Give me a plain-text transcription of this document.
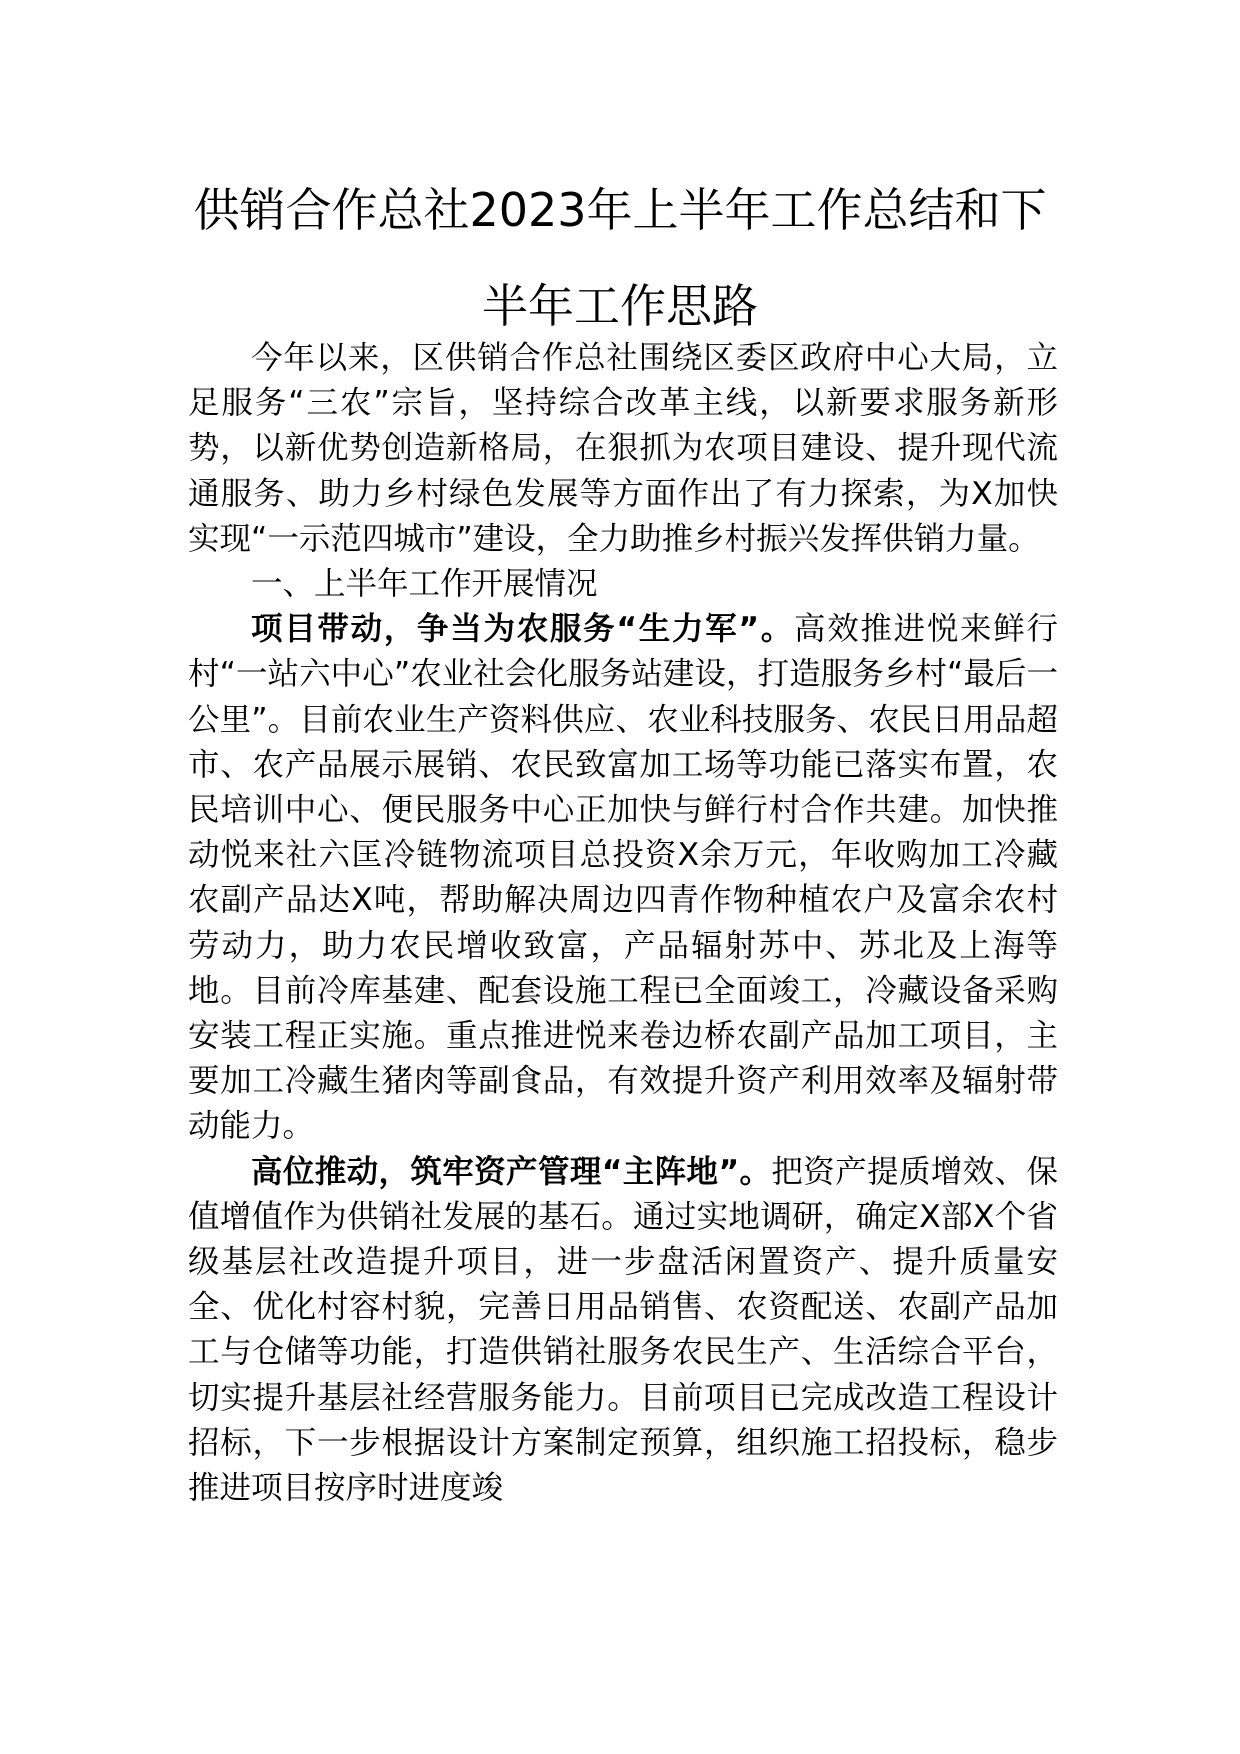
供销合作总社2023年上半年工作总结和下
半年工作思路

今年以来，区供销合作总社围绕区委区政府中心大局，立足服务“三农”宗旨，坚持综合改革主线，以新要求服务新形势，以新优势创造新格局，在狠抓为农项目建设、提升现代流通服务、助力乡村绿色发展等方面作出了有力探索，为X加快实现“一示范四城市”建设，全力助推乡村振兴发挥供销力量。

一、上半年工作开展情况

项目带动，争当为农服务“生力军”。高效推进悦来鲜行村“一站六中心”农业社会化服务站建设，打造服务乡村“最后一公里”。目前农业生产资料供应、农业科技服务、农民日用品超市、农产品展示展销、农民致富加工场等功能已落实布置，农民培训中心、便民服务中心正加快与鲜行村合作共建。加快推动悦来社六匡冷链物流项目总投资X余万元，年收购加工冷藏农副产品达X吨，帮助解决周边四青作物种植农户及富余农村劳动力，助力农民增收致富，产品辐射苏中、苏北及上海等地。目前冷库基建、配套设施工程已全面竣工，冷藏设备采购安装工程正实施。重点推进悦来卷边桥农副产品加工项目，主要加工冷藏生猪肉等副食品，有效提升资产利用效率及辐射带动能力。

高位推动，筑牢资产管理“主阵地”。把资产提质增效、保值增值作为供销社发展的基石。通过实地调研，确定X部X个省级基层社改造提升项目，进一步盘活闲置资产、提升质量安全、优化村容村貌，完善日用品销售、农资配送、农副产品加工与仓储等功能，打造供销社服务农民生产、生活综合平台，切实提升基层社经营服务能力。目前项目已完成改造工程设计招标，下一步根据设计方案制定预算，组织施工招投标，稳步推进项目按序时进度竣
